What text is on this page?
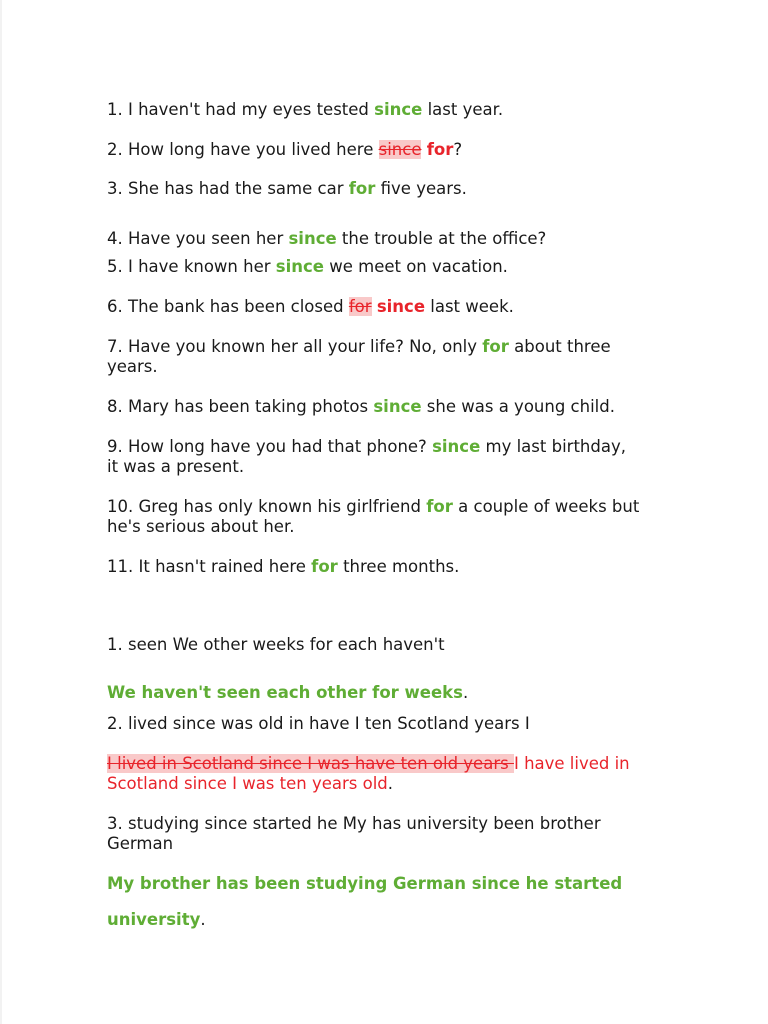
1. I haven't had my eyes tested since last year.
2. How long have you lived here since for?
3. She has had the same car for five years.
4. Have you seen her since the trouble at the office?
5. I have known her since we meet on vacation.
6. The bank has been closed for since last week.
7. Have you known her all your life? No, only for about three
years.
8. Mary has been taking photos since she was a young child.
9. How long have you had that phone? since my last birthday,
it was a present.
10. Greg has only known his girlfriend for a couple of weeks but
he's serious about her.
11. It hasn't rained here for three months.
1. seen We other weeks for each haven't
We haven't seen each other for weeks.
2. lived since was old in have I ten Scotland years I
I lived in Scotland since I was have ten old years I have lived in
Scotland since I was ten years old.
3. studying since started he My has university been brother
German
My brother has been studying German since he started
university.
